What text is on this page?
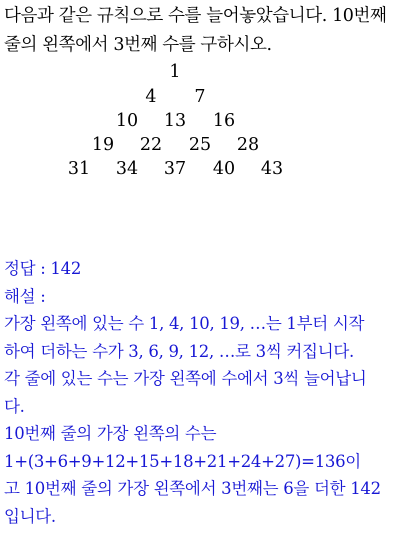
다음과 같은 규칙으로 수를 늘어놓았습니다. 10번째
줄의 왼쪽에서 3번째 수를 구하시오.
1
4 7
10 13 16
19 22 25 28
31 34 37 40 43
정답 : 142
해설 :
가장 왼쪽에 있는 수 1, 4, 10, 19, …는 1부터 시작
하여 더하는 수가 3, 6, 9, 12, …로 3씩 커집니다.
각 줄에 있는 수는 가장 왼쪽에 수에서 3씩 늘어납니
다.
10번째 줄의 가장 왼쪽의 수는
1+(3+6+9+12+15+18+21+24+27)=136이
고 10번째 줄의 가장 왼쪽에서 3번째는 6을 더한 142
입니다.
